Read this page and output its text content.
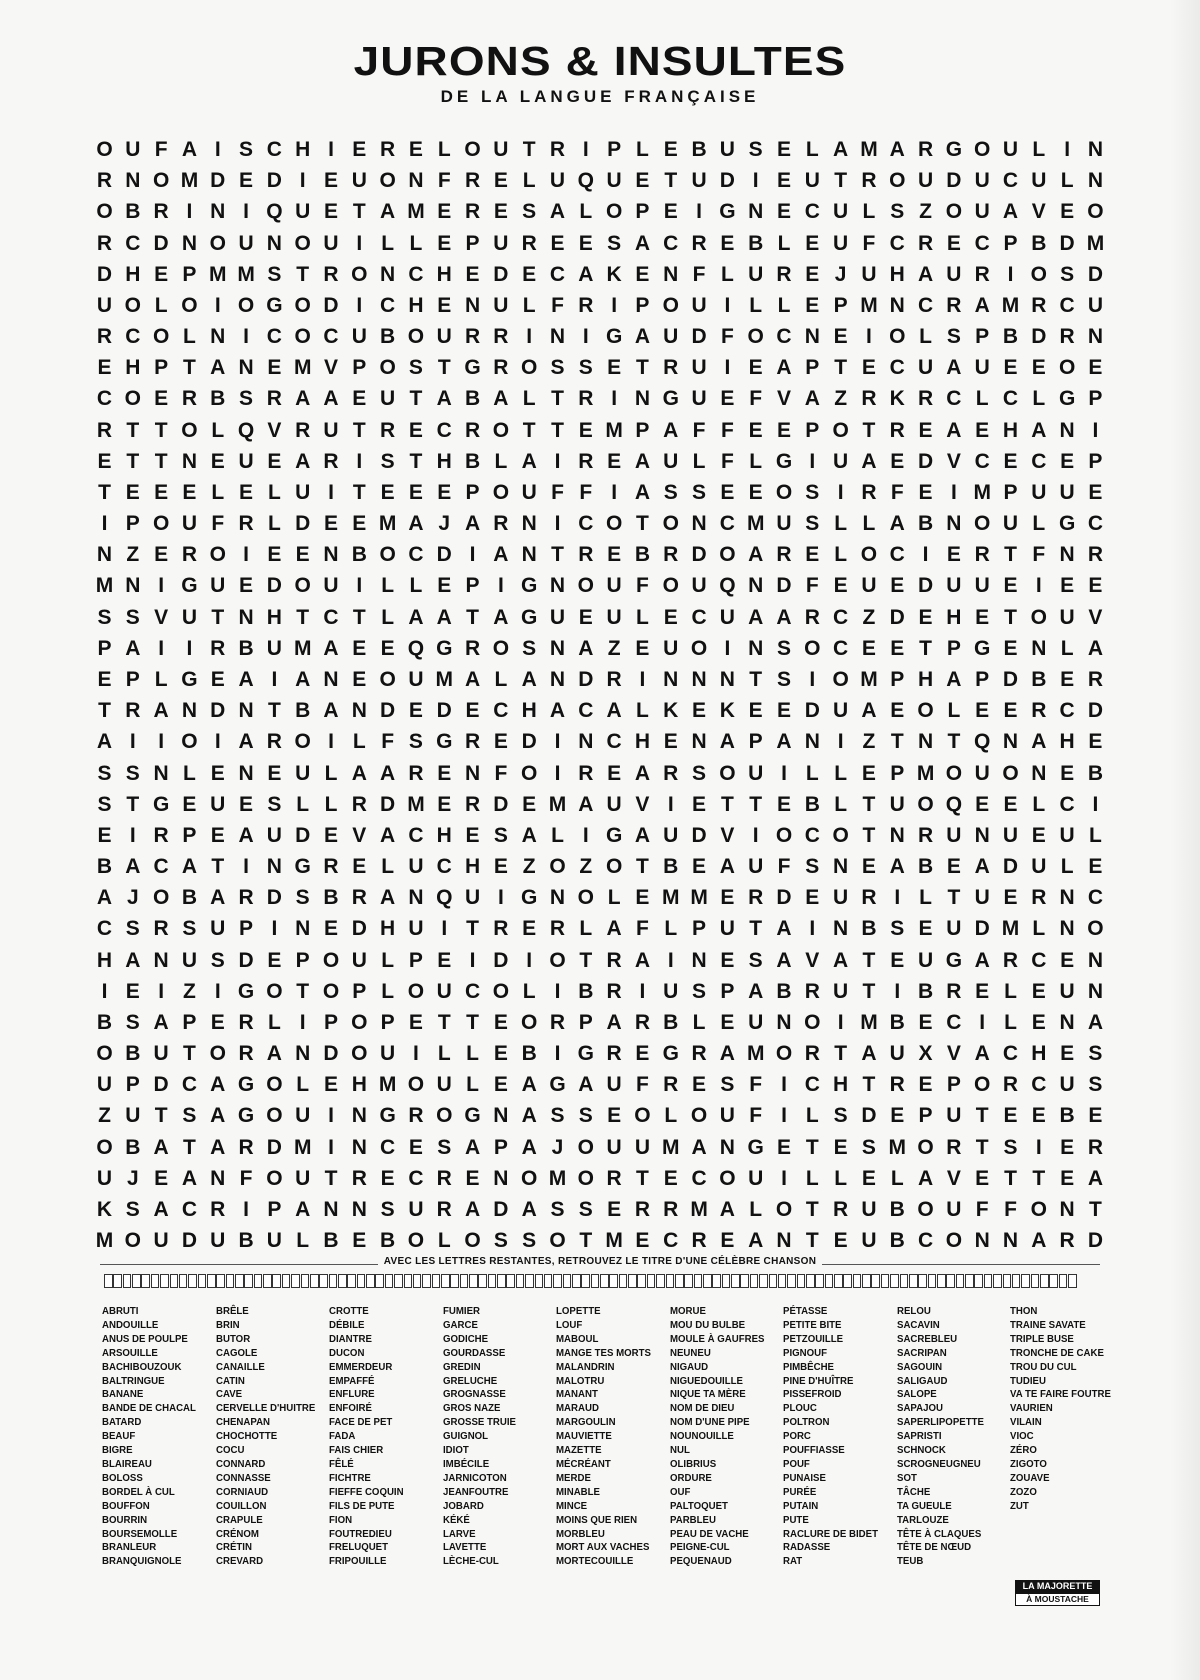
JURONS & INSULTES
DE LA LANGUE FRANÇAISE
O U F A I S C H I E R E L O U T R I P L E B U S E L A M A R G O U L I N
R N O M D E D I E U O N F R E L U Q U E T U D I E U T R O U D U C U L N
O B R I N I Q U E T A M E R E S A L O P E I G N E C U L S Z O U A V E O
R C D N O U N O U I L L E P U R E E S A C R E B L E U F C R E C P B D M
D H E P M M S T R O N C H E D E C A K E N F L U R E J U H A U R I O S D
U O L O I O G O D I C H E N U L F R I P O U I L L E P M N C R A M R C U
R C O L N I C O C U B O U R R I N I G A U D F O C N E I O L S P B D R N
E H P T A N E M V P O S T G R O S S E T R U I E A P T E C U A U E E O E
C O E R B S R A A E U T A B A L T R I N G U E F V A Z R K R C L C L G P
R T T O L Q V R U T R E C R O T T E M P A F F E E P O T R E A E H A N I
E T T N E U E A R I S T H B L A I R E A U L F L G I U A E D V C E C E P
T E E E L E L U I T E E E P O U F F I A S S E E O S I R F E I M P U U E
I P O U F R L D E E M A J A R N I C O T O N C M U S L L A B N O U L G C
N Z E R O I E E N B O C D I A N T R E B R D O A R E L O C I E R T F N R
M N I G U E D O U I L L E P I G N O U F O U Q N D F E U E D U U E I E E
S S V U T N H T C T L A A T A G U E U L E C U A A R C Z D E H E T O U V
P A I	I R B U M A E E Q G R O S N A Z E U O I N S O C E E T P G E N L A
E P L G E A I A N E O U M A L A N D R I N N N T S I O M P H A P D B E R
T R A N D N T B A N D E D E C H A C A L K E K E E D U A E O L E E R C D
A I	I O I A R O I L F S G R E D I N C H E N A P A N I Z T N T Q N A H E
S S N L E N E U L A A R E N F O I R E A R S O U I L L E P M O U O N E B
S T G E U E S L L R D M E R D E M A U V I E T T E B L T U O Q E E L C I
E I R P E A U D E V A C H E S A L I G A U D V I O C O T N R U N U E U L
B A C A T I N G R E L U C H E Z O Z O T B E A U F S N E A B E A D U L E
A J O B A R D S B R A N Q U I G N O L E M M E R D E U R I L T U E R N C
C S R S U P I N E D H U I T R E R L A F L P U T A I N B S E U D M L N O
H A N U S D E P O U L P E I D I O T R A I N E S A V A T E U G A R C E N
I E I Z I G O T O P L O U C O L I B R I U S P A B R U T I B R E L E U N
B S A P E R L I P O P E T T E O R P A R B L E U N O I M B E C I L E N A
O B U T O R A N D O U I L L E B I G R E G R A M O R T A U X V A C H E S
U P D C A G O L E H M O U L E A G A U F R E S F I C H T R E P O R C U S
Z U T S A G O U I N G R O G N A S S E O L O U F I L S D E P U T E E B E
O B A T A R D M I N C E S A P A J O U U M A N G E T E S M O R T S I E R
U J E A N F O U T R E C R E N O M O R T E C O U I L L E L A V E T T E A
K S A C R I P A N N S U R A D A S S E R R M A L O T R U B O U F F O N T
M O U D U B U L B E B O L O S S O T M E C R E A N T E U B C O N N A R D
AVEC LES LETTRES RESTANTES, RETROUVEZ LE TITRE D'UNE CÉLÈBRE CHANSON
ABRUTI
ANDOUILLE
ANUS DE POULPE
ARSOUILLE
BACHIBOUZOUK
BALTRINGUE
BANANE
BANDE DE CHACAL
BATARD
BEAUF
BIGRE
BLAIREAU
BOLOSS
BORDEL À CUL
BOUFFON
BOURRIN
BOURSEMOLLE
BRANLEUR
BRANQUIGNOLE
BRÊLE
BRIN
BUTOR
CAGOLE
CANAILLE
CATIN
CAVE
CERVELLE D'HUITRE
CHENAPAN
CHOCHOTTE
COCU
CONNARD
CONNASSE
CORNIAUD
COUILLON
CRAPULE
CRÉNOM
CRÉTIN
CREVARD
CROTTE
DÉBILE
DIANTRE
DUCON
EMMERDEUR
EMPAFFÉ
ENFLURE
ENFOIRÉ
FACE DE PET
FADA
FAIS CHIER
FÊLÉ
FICHTRE
FIEFFE COQUIN
FILS DE PUTE
FION
FOUTREDIEU
FRELUQUET
FRIPOUILLE
FUMIER
GARCE
GODICHE
GOURDASSE
GREDIN
GRELUCHE
GROGNASSE
GROS NAZE
GROSSE TRUIE
GUIGNOL
IDIOT
IMBÉCILE
JARNICOTON
JEANFOUTRE
JOBARD
KÉKÉ
LARVE
LAVETTE
LÈCHE-CUL
LOPETTE
LOUF
MABOUL
MANGE TES MORTS
MALANDRIN
MALOTRU
MANANT
MARAUD
MARGOULIN
MAUVIETTE
MAZETTE
MÉCRÉANT
MERDE
MINABLE
MINCE
MOINS QUE RIEN
MORBLEU
MORT AUX VACHES
MORTECOUILLE
MORUE
MOU DU BULBE
MOULE À GAUFRES
NEUNEU
NIGAUD
NIGUEDOUILLE
NIQUE TA MÈRE
NOM DE DIEU
NOM D'UNE PIPE
NOUNOUILLE
NUL
OLIBRIUS
ORDURE
OUF
PALTOQUET
PARBLEU
PEAU DE VACHE
PEIGNE-CUL
PEQUENAUD
PÉTASSE
PETITE BITE
PETZOUILLE
PIGNOUF
PIMBÊCHE
PINE D'HUÎTRE
PISSEFROID
PLOUC
POLTRON
PORC
POUFFIASSE
POUF
PUNAISE
PURÉE
PUTAIN
PUTE
RACLURE DE BIDET
RADASSE
RAT
RELOU
SACAVIN
SACREBLEU
SACRIPAN
SAGOUIN
SALIGAUD
SALOPE
SAPAJOU
SAPERLIPOPETTE
SAPRISTI
SCHNOCK
SCROGNEUGNEU
SOT
TÂCHE
TA GUEULE
TARLOUZE
TÊTE À CLAQUES
TÊTE DE NŒUD
TEUB
THON
TRAINE SAVATE
TRIPLE BUSE
TRONCHE DE CAKE
TROU DU CUL
TUDIEU
VA TE FAIRE FOUTRE
VAURIEN
VILAIN
VIOC
ZÉRO
ZIGOTO
ZOUAVE
ZOZO
ZUT
LA MAJORETTE
À MOUSTACHE
